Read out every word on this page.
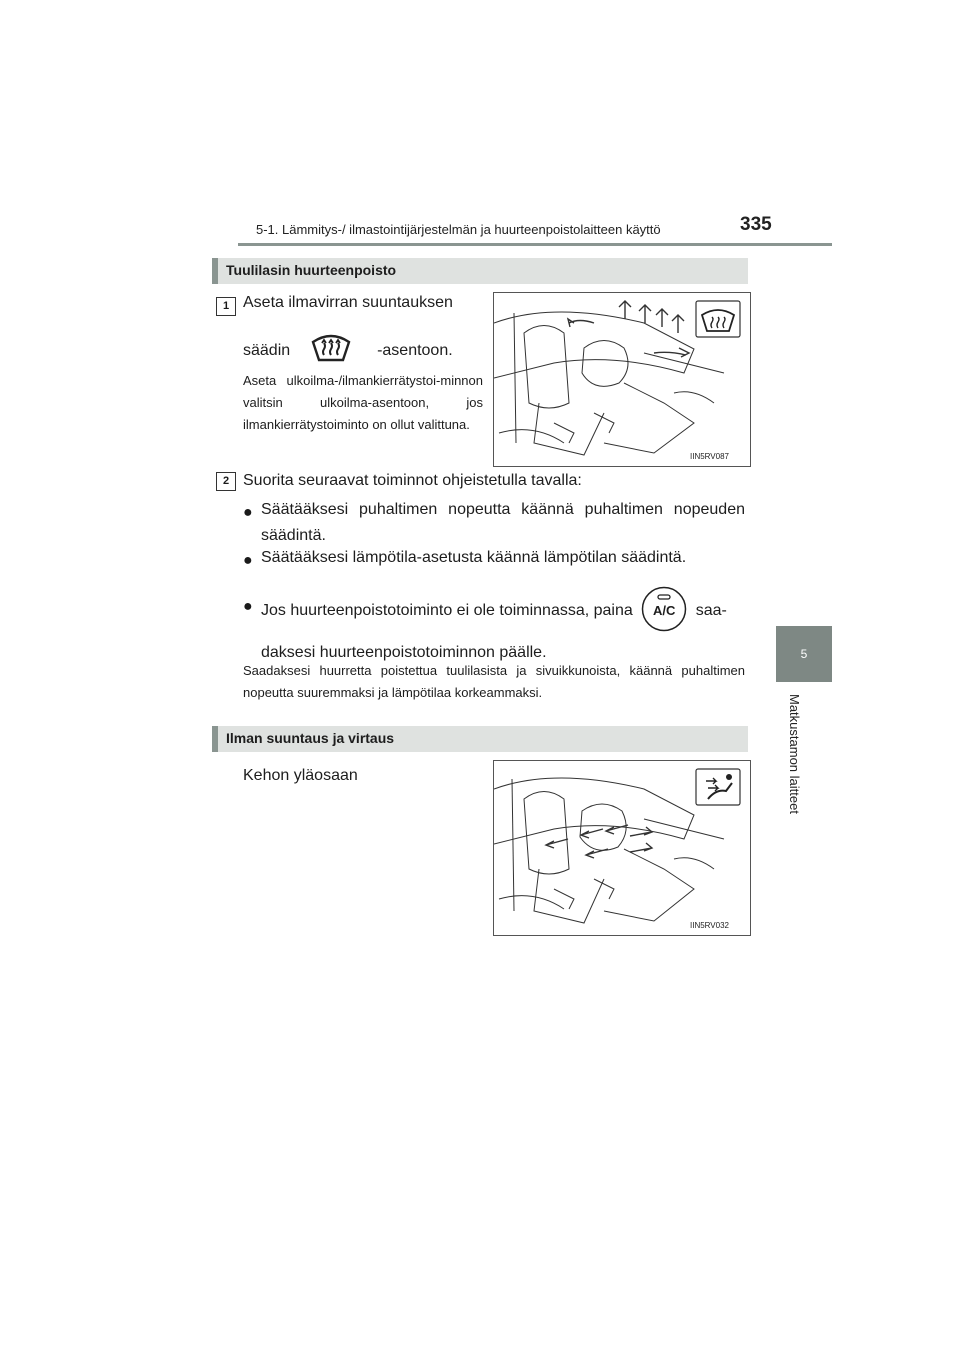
5-1. Lämmitys-/ ilmastointijärjestelmän ja huurteenpoistolaitteen käyttö	335
5
Matkustamon laitteet
Tuulilasin huurteenpoisto
1 Aseta ilmavirran suuntauksen
säädin	-asentoon.
Aseta ulkoilma-/ilmankierrätystoi-minnon valitsin ulkoilma-asentoon, jos ilmankierrätystoiminto on ollut valittuna.
IIN5RV087
2 Suorita seuraavat toiminnot ohjeistetulla tavalla:
● Säätääksesi puhaltimen nopeutta käännä puhaltimen nopeuden säädintä.
● Säätääksesi lämpötila-asetusta käännä lämpötilan säädintä.
● Jos huurteenpoistotoiminto ei ole toiminnassa, paina	A/C	saa-
daksesi huurteenpoistotoiminnon päälle.
Saadaksesi huurretta poistettua tuulilasista ja sivuikkunoista, käännä puhaltimen nopeutta suuremmaksi ja lämpötilaa korkeammaksi.
Ilman suuntaus ja virtaus
Kehon yläosaan
IIN5RV032
